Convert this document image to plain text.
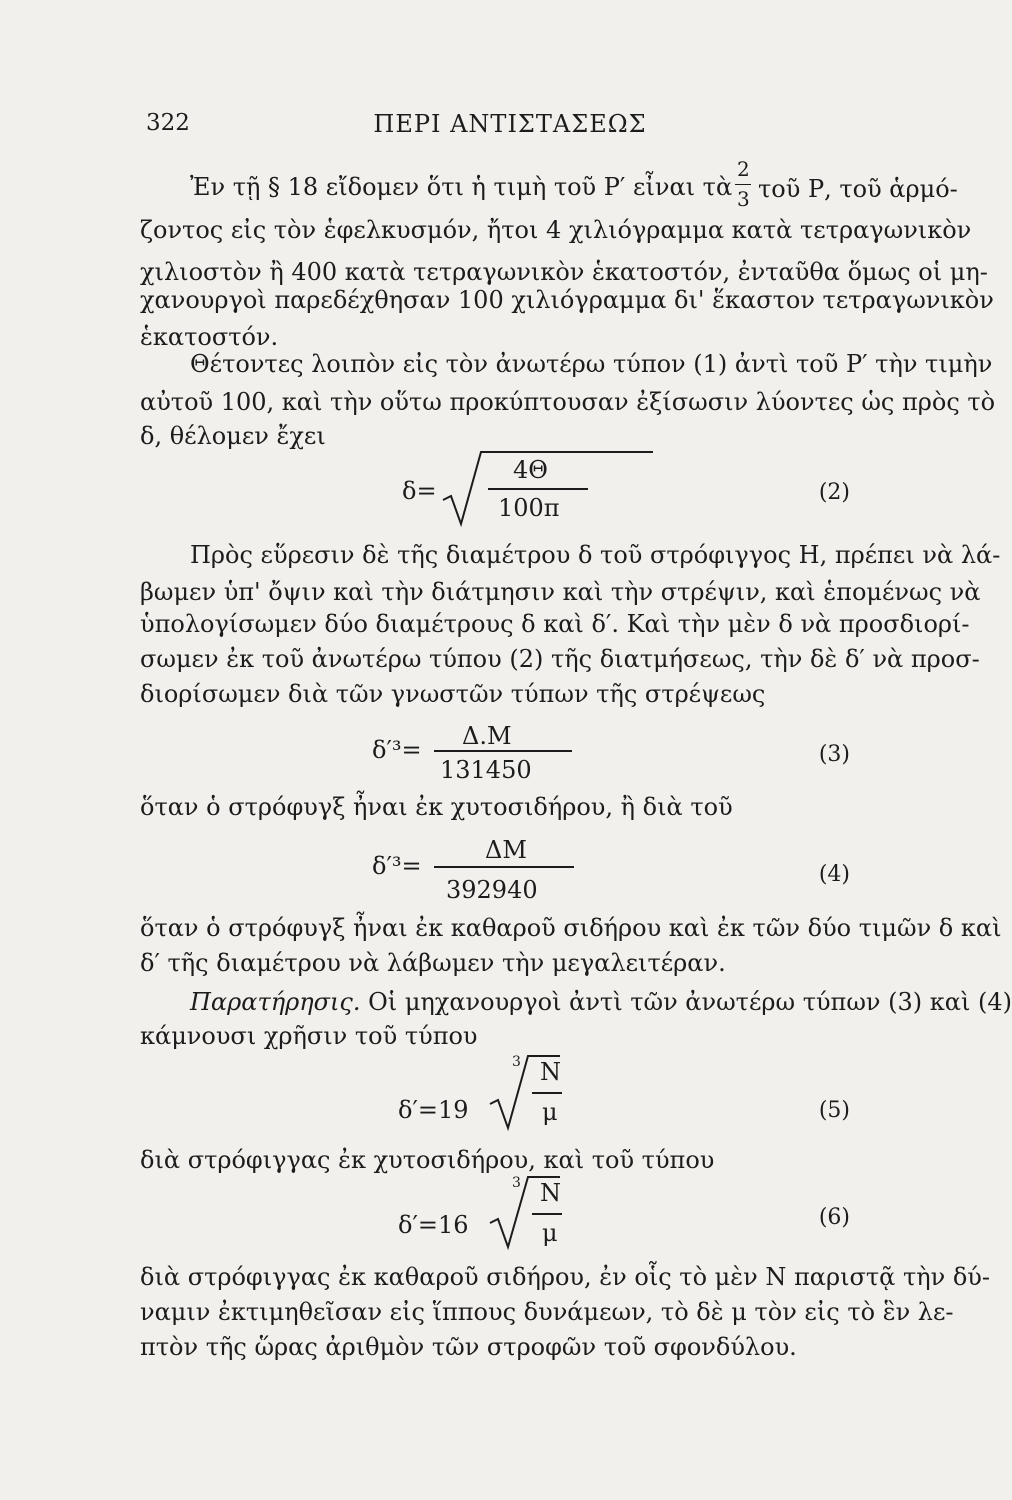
322	ΠΕΡΙ ΑΝΤΙΣΤΑΣΕΩΣ
Ἐν τῇ § 18 εἴδομεν ὅτι ἡ τιμὴ τοῦ Ρ′ εἶναι τὰ
2
3 τοῦ Ρ, τοῦ ἁρμό-
ζοντος εἰς τὸν ἑφελκυσμόν, ἤτοι 4 χιλιόγραμμα κατὰ τετραγωνικὸν
χιλιοστὸν ἢ 400 κατὰ τετραγωνικὸν ἑκατοστόν, ἐνταῦθα ὅμως οἱ μη-
χανουργοὶ παρεδέχθησαν 100 χιλιόγραμμα δι' ἕκαστον τετραγωνικὸν
ἑκατοστόν.
Θέτοντες λοιπὸν εἰς τὸν ἀνωτέρω τύπον (1) ἀντὶ τοῦ Ρ′ τὴν τιμὴν
αὐτοῦ 100, καὶ τὴν οὕτω προκύπτουσαν ἐξίσωσιν λύοντες ὡς πρὸς τὸ
δ, θέλομεν ἔχει
δ=
4Θ
100π
(2)
Πρὸς εὕρεσιν δὲ τῆς διαμέτρου δ τοῦ στρόφιγγος Η, πρέπει νὰ λά-
βωμεν ὑπ' ὄψιν καὶ τὴν διάτμησιν καὶ τὴν στρέψιν, καὶ ἑπομένως νὰ
ὑπολογίσωμεν δύο διαμέτρους δ καὶ δ′. Καὶ τὴν μὲν δ νὰ προσδιορί-
σωμεν ἐκ τοῦ ἀνωτέρω τύπου (2) τῆς διατμήσεως, τὴν δὲ δ′ νὰ προσ-
διορίσωμεν διὰ τῶν γνωστῶν τύπων τῆς στρέψεως
δ′³= Δ.Μ
131450
(3)
ὅταν ὁ στρόφυγξ ἦναι ἐκ χυτοσιδήρου, ἢ διὰ τοῦ
δ′³=
ΔΜ
392940
(4)
ὅταν ὁ στρόφυγξ ἦναι ἐκ καθαροῦ σιδήρου καὶ ἐκ τῶν δύο τιμῶν δ καὶ
δ′ τῆς διαμέτρου νὰ λάβωμεν τὴν μεγαλειτέραν.
Παρατήρησις. Οἱ μηχανουργοὶ ἀντὶ τῶν ἀνωτέρω τύπων (3) καὶ (4)
κάμνουσι χρῆσιν τοῦ τύπου
δ′=19
3 N
μ	(5)
διὰ στρόφιγγας ἐκ χυτοσιδήρου, καὶ τοῦ τύπου
δ′=16
3 N
μ
(6)
διὰ στρόφιγγας ἐκ καθαροῦ σιδήρου, ἐν οἷς τὸ μὲν Ν παριστᾷ τὴν δύ-
ναμιν ἐκτιμηθεῖσαν εἰς ἵππους δυνάμεων, τὸ δὲ μ τὸν εἰς τὸ ἓν λε-
πτὸν τῆς ὥρας ἀριθμὸν τῶν στροφῶν τοῦ σφονδύλου.
